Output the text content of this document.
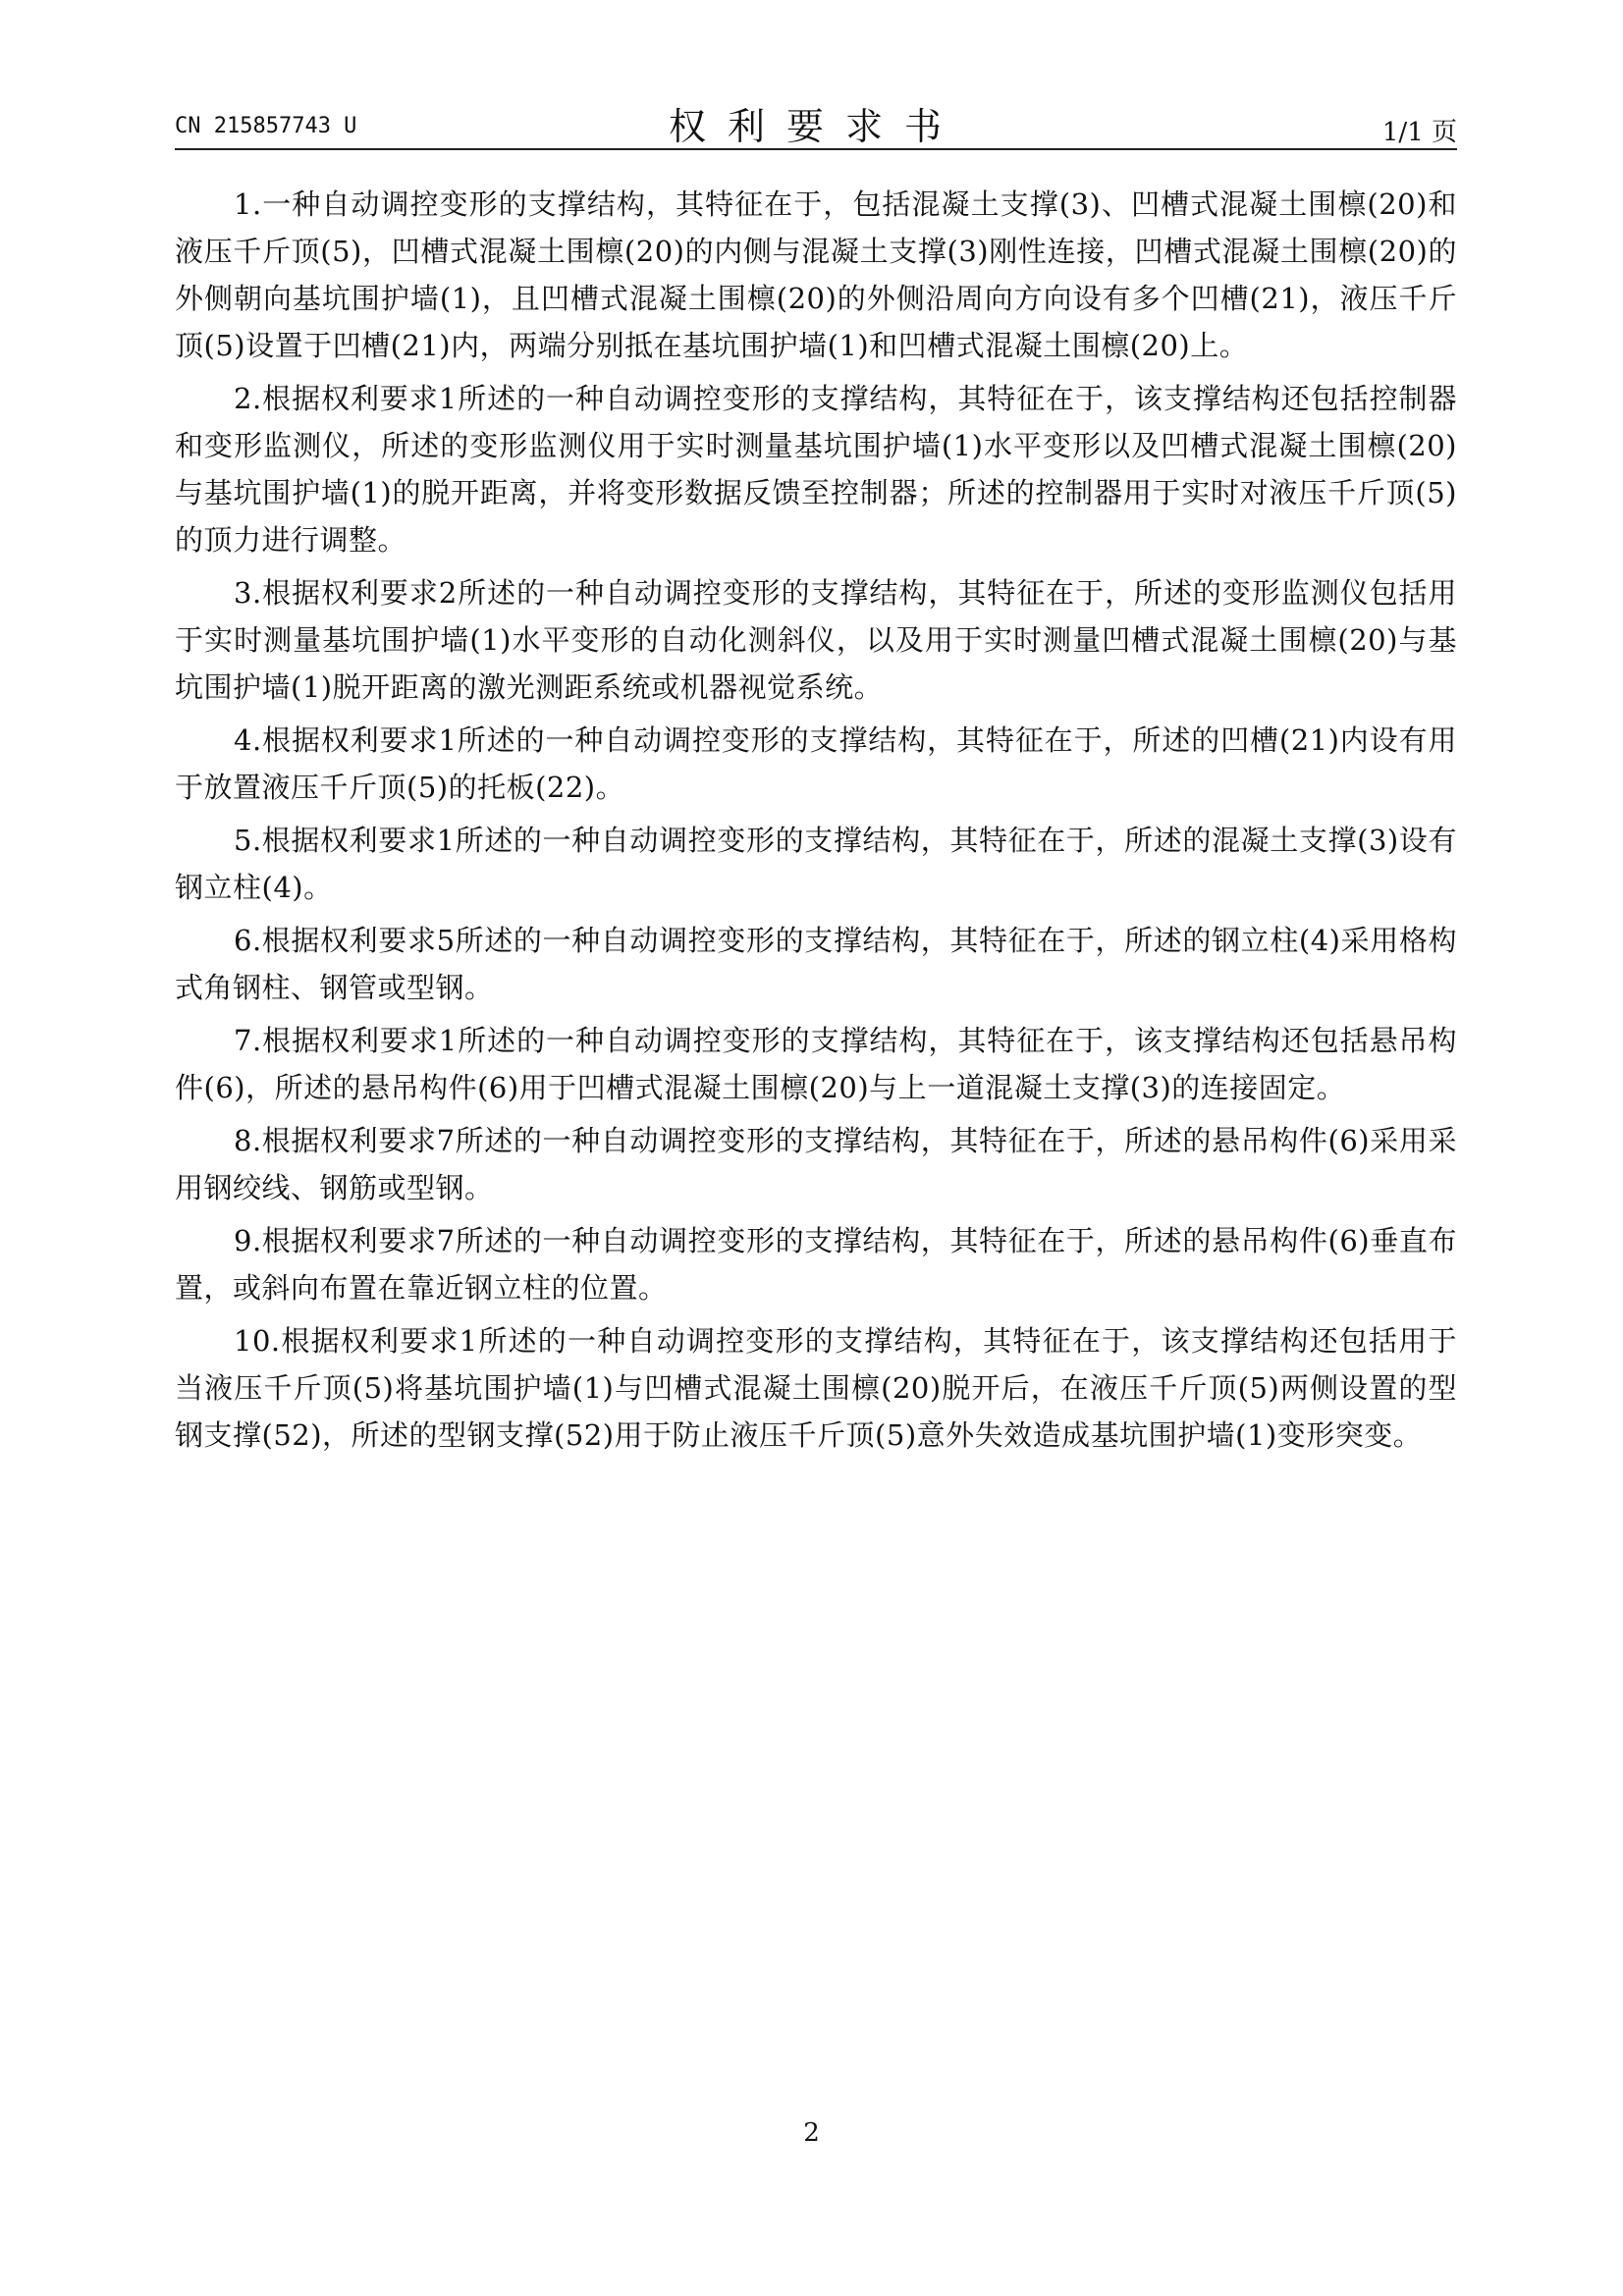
CN 215857743 U	权利要求书	1/1 页

1.一种自动调控变形的支撑结构，其特征在于，包括混凝土支撑(3)、凹槽式混凝土围檩(20)和液压千斤顶(5)，凹槽式混凝土围檩(20)的内侧与混凝土支撑(3)刚性连接，凹槽式混凝土围檩(20)的外侧朝向基坑围护墙(1)，且凹槽式混凝土围檩(20)的外侧沿周向方向设有多个凹槽(21)，液压千斤顶(5)设置于凹槽(21)内，两端分别抵在基坑围护墙(1)和凹槽式混凝土围檩(20)上。

2.根据权利要求1所述的一种自动调控变形的支撑结构，其特征在于，该支撑结构还包括控制器和变形监测仪，所述的变形监测仪用于实时测量基坑围护墙(1)水平变形以及凹槽式混凝土围檩(20)与基坑围护墙(1)的脱开距离，并将变形数据反馈至控制器；所述的控制器用于实时对液压千斤顶(5)的顶力进行调整。

3.根据权利要求2所述的一种自动调控变形的支撑结构，其特征在于，所述的变形监测仪包括用于实时测量基坑围护墙(1)水平变形的自动化测斜仪，以及用于实时测量凹槽式混凝土围檩(20)与基坑围护墙(1)脱开距离的激光测距系统或机器视觉系统。

4.根据权利要求1所述的一种自动调控变形的支撑结构，其特征在于，所述的凹槽(21)内设有用于放置液压千斤顶(5)的托板(22)。

5.根据权利要求1所述的一种自动调控变形的支撑结构，其特征在于，所述的混凝土支撑(3)设有钢立柱(4)。

6.根据权利要求5所述的一种自动调控变形的支撑结构，其特征在于，所述的钢立柱(4)采用格构式角钢柱、钢管或型钢。

7.根据权利要求1所述的一种自动调控变形的支撑结构，其特征在于，该支撑结构还包括悬吊构件(6)，所述的悬吊构件(6)用于凹槽式混凝土围檩(20)与上一道混凝土支撑(3)的连接固定。

8.根据权利要求7所述的一种自动调控变形的支撑结构，其特征在于，所述的悬吊构件(6)采用采用钢绞线、钢筋或型钢。

9.根据权利要求7所述的一种自动调控变形的支撑结构，其特征在于，所述的悬吊构件(6)垂直布置，或斜向布置在靠近钢立柱的位置。

10.根据权利要求1所述的一种自动调控变形的支撑结构，其特征在于，该支撑结构还包括用于当液压千斤顶(5)将基坑围护墙(1)与凹槽式混凝土围檩(20)脱开后，在液压千斤顶(5)两侧设置的型钢支撑(52)，所述的型钢支撑(52)用于防止液压千斤顶(5)意外失效造成基坑围护墙(1)变形突变。

2
